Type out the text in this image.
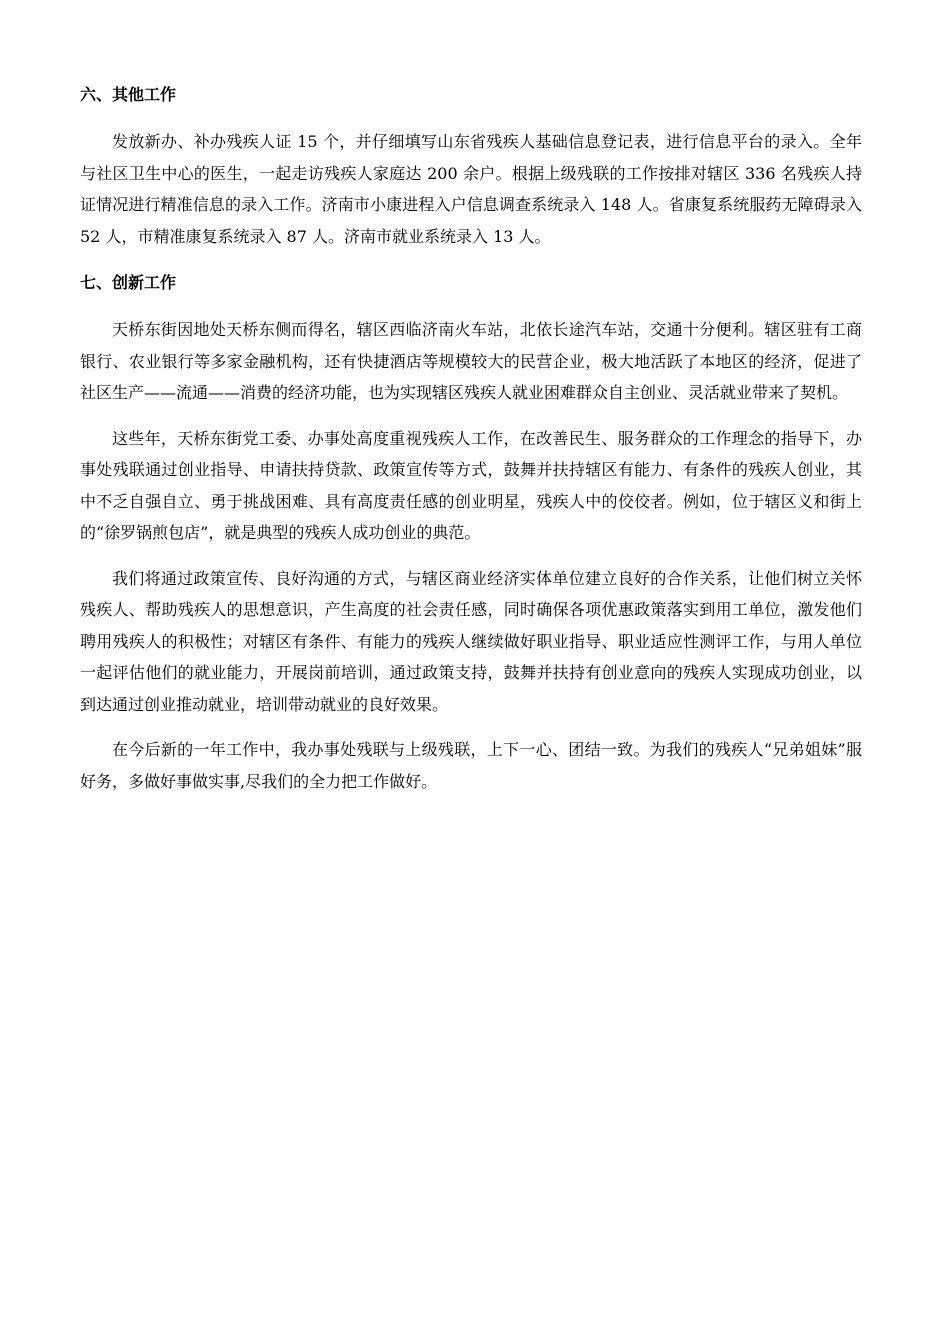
六、其他工作

发放新办、补办残疾人证 15 个，并仔细填写山东省残疾人基础信息登记表，进行信息平台的录入。全年与社区卫生中心的医生，一起走访残疾人家庭达 200 余户。根据上级残联的工作按排对辖区 336 名残疾人持证情况进行精准信息的录入工作。济南市小康进程入户信息调查系统录入 148 人。省康复系统服药无障碍录入 52 人，市精准康复系统录入 87 人。济南市就业系统录入 13 人。

七、创新工作

天桥东街因地处天桥东侧而得名，辖区西临济南火车站，北依长途汽车站，交通十分便利。辖区驻有工商银行、农业银行等多家金融机构，还有快捷酒店等规模较大的民营企业，极大地活跃了本地区的经济，促进了社区生产——流通——消费的经济功能，也为实现辖区残疾人就业困难群众自主创业、灵活就业带来了契机。

这些年，天桥东街党工委、办事处高度重视残疾人工作，在改善民生、服务群众的工作理念的指导下，办事处残联通过创业指导、申请扶持贷款、政策宣传等方式，鼓舞并扶持辖区有能力、有条件的残疾人创业，其中不乏自强自立、勇于挑战困难、具有高度责任感的创业明星，残疾人中的佼佼者。例如，位于辖区义和街上的“徐罗锅煎包店”，就是典型的残疾人成功创业的典范。

我们将通过政策宣传、良好沟通的方式，与辖区商业经济实体单位建立良好的合作关系，让他们树立关怀残疾人、帮助残疾人的思想意识，产生高度的社会责任感，同时确保各项优惠政策落实到用工单位，激发他们聘用残疾人的积极性；对辖区有条件、有能力的残疾人继续做好职业指导、职业适应性测评工作，与用人单位一起评估他们的就业能力，开展岗前培训，通过政策支持，鼓舞并扶持有创业意向的残疾人实现成功创业，以到达通过创业推动就业，培训带动就业的良好效果。

在今后新的一年工作中，我办事处残联与上级残联，上下一心、团结一致。为我们的残疾人“兄弟姐妹”服好务，多做好事做实事,尽我们的全力把工作做好。
